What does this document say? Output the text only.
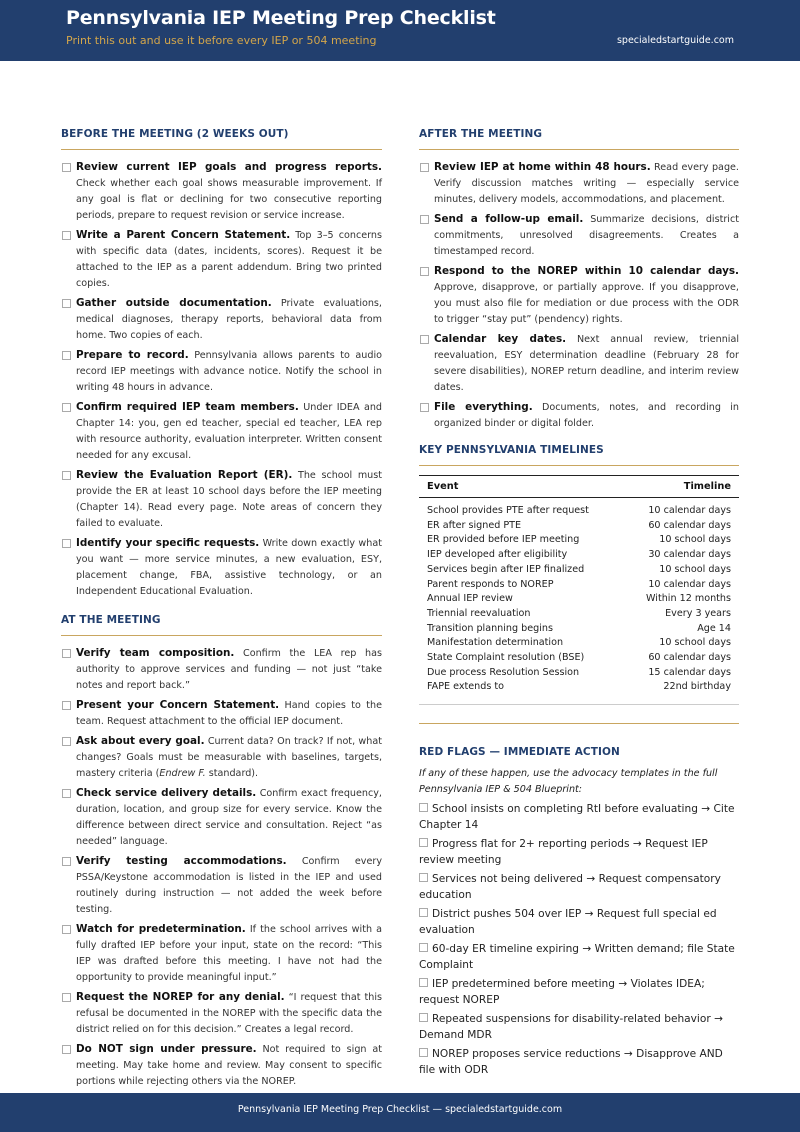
Pennsylvania IEP Meeting Prep Checklist
Print this out and use it before every IEP or 504 meeting	specialedstartguide.com
BEFORE THE MEETING (2 WEEKS OUT)
Review current IEP goals and progress reports. Check whether each goal shows measurable improvement. If any goal is flat or declining for two consecutive reporting periods, prepare to request revision or service increase.
Write a Parent Concern Statement. Top 3–5 concerns with specific data (dates, incidents, scores). Request it be attached to the IEP as a parent addendum. Bring two printed copies.
Gather outside documentation. Private evaluations, medical diagnoses, therapy reports, behavioral data from home. Two copies of each.
Prepare to record. Pennsylvania allows parents to audio record IEP meetings with advance notice. Notify the school in writing 48 hours in advance.
Confirm required IEP team members. Under IDEA and Chapter 14: you, gen ed teacher, special ed teacher, LEA rep with resource authority, evaluation interpreter. Written consent needed for any excusal.
Review the Evaluation Report (ER). The school must provide the ER at least 10 school days before the IEP meeting (Chapter 14). Read every page. Note areas of concern they failed to evaluate.
Identify your specific requests. Write down exactly what you want — more service minutes, a new evaluation, ESY, placement change, FBA, assistive technology, or an Independent Educational Evaluation.
AT THE MEETING
Verify team composition. Confirm the LEA rep has authority to approve services and funding — not just “take notes and report back.”
Present your Concern Statement. Hand copies to the team. Request attachment to the official IEP document.
Ask about every goal. Current data? On track? If not, what changes? Goals must be measurable with baselines, targets, mastery criteria (Endrew F. standard).
Check service delivery details. Confirm exact frequency, duration, location, and group size for every service. Know the difference between direct service and consultation. Reject “as needed” language.
Verify testing accommodations. Confirm every PSSA/Keystone accommodation is listed in the IEP and used routinely during instruction — not added the week before testing.
Watch for predetermination. If the school arrives with a fully drafted IEP before your input, state on the record: “This IEP was drafted before this meeting. I have not had the opportunity to provide meaningful input.”
Request the NOREP for any denial. “I request that this refusal be documented in the NOREP with the specific data the district relied on for this decision.” Creates a legal record.
Do NOT sign under pressure. Not required to sign at meeting. May take home and review. May consent to specific portions while rejecting others via the NOREP.
AFTER THE MEETING
Review IEP at home within 48 hours. Read every page. Verify discussion matches writing — especially service minutes, delivery models, accommodations, and placement.
Send a follow-up email. Summarize decisions, district commitments, unresolved disagreements. Creates a timestamped record.
Respond to the NOREP within 10 calendar days. Approve, disapprove, or partially approve. If you disapprove, you must also file for mediation or due process with the ODR to trigger “stay put” (pendency) rights.
Calendar key dates. Next annual review, triennial reevaluation, ESY determination deadline (February 28 for severe disabilities), NOREP return deadline, and interim review dates.
File everything. Documents, notes, and recording in organized binder or digital folder.
KEY PENNSYLVANIA TIMELINES
Event	Timeline
School provides PTE after request	10 calendar days
ER after signed PTE	60 calendar days
ER provided before IEP meeting	10 school days
IEP developed after eligibility	30 calendar days
Services begin after IEP finalized	10 school days
Parent responds to NOREP	10 calendar days
Annual IEP review	Within 12 months
Triennial reevaluation	Every 3 years
Transition planning begins	Age 14
Manifestation determination	10 school days
State Complaint resolution (BSE)	60 calendar days
Due process Resolution Session	15 calendar days
FAPE extends to	22nd birthday
RED FLAGS — IMMEDIATE ACTION
If any of these happen, use the advocacy templates in the full Pennsylvania IEP & 504 Blueprint:
School insists on completing RtI before evaluating → Cite Chapter 14
Progress flat for 2+ reporting periods → Request IEP review meeting
Services not being delivered → Request compensatory education
District pushes 504 over IEP → Request full special ed evaluation
60-day ER timeline expiring → Written demand; file State Complaint
IEP predetermined before meeting → Violates IDEA; request NOREP
Repeated suspensions for disability-related behavior → Demand MDR
NOREP proposes service reductions → Disapprove AND file with ODR
Pennsylvania IEP Meeting Prep Checklist — specialedstartguide.com
